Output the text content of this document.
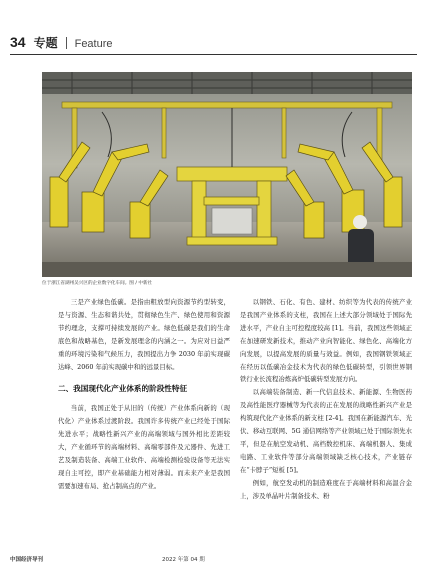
34 专题 Feature
位于浙江省湖州吴兴区的企业数字化车间。图 / 中新社

三是产业绿色低碳。是指由粗放型向资源节约型转变，是与资源、生态和谐共处，贯彻绿色生产、绿色使用和资源节约理念，支撑可持续发展的产业。绿色低碳是我们的生命底色和战略基色，是新发展理念的内涵之一。为应对日益严重的环境污染和气候压力，我国提出力争 2030 年前实现碳达峰、2060 年前实现碳中和的远景目标。

二、我国现代化产业体系的阶段性特征

当前，我国正处于从旧的（传统）产业体系向新的（现代化）产业体系过渡阶段。我国许多传统产业已经处于国际先进水平；战略性新兴产业的高端领域与国外相比差距较大，产业循环节的高端材料、高端零部件及元器件、先进工艺及制造装备、高端工业软件、高端检测检验设备等无法实现自主可控，即产业基础能力相对薄弱。而未来产业是我国需要加速布局、抢占制高点的产业。

以钢铁、石化、有色、建材、纺织等为代表的传统产业是我国产业体系的支柱，我国在上述大部分领域处于国际先进水平，产业自主可控程度较高 [1]。当前，我国这些领域正在加速研发新技术，推动产业向智能化、绿色化、高端化方向发展，以提高发展的质量与效益。例如，我国钢铁领域正在经历以低碳冶金技术为代表的绿色低碳转型，引领世界钢铁行业长流程冶炼高炉低碳转型发展方向。

以高端装备制造、新一代信息技术、新能源、生物医药及高性能医疗器械等为代表的正在发展的战略性新兴产业是构筑现代化产业体系的新支柱 [2-4]。我国在新能源汽车、光伏、移动互联网、5G 通信网络等产业领域已处于国际领先水平，但是在航空发动机、高档数控机床、高端机器人、集成电路、工业软件等部分高端领域缺乏核心技术，产业链存在“卡脖子”短板 [5]。

例如，航空发动机的制造难度在于高端材料和高温合金上，涉及单晶叶片制备技术、粉

中国经济导刊	2022 年第 04 期
